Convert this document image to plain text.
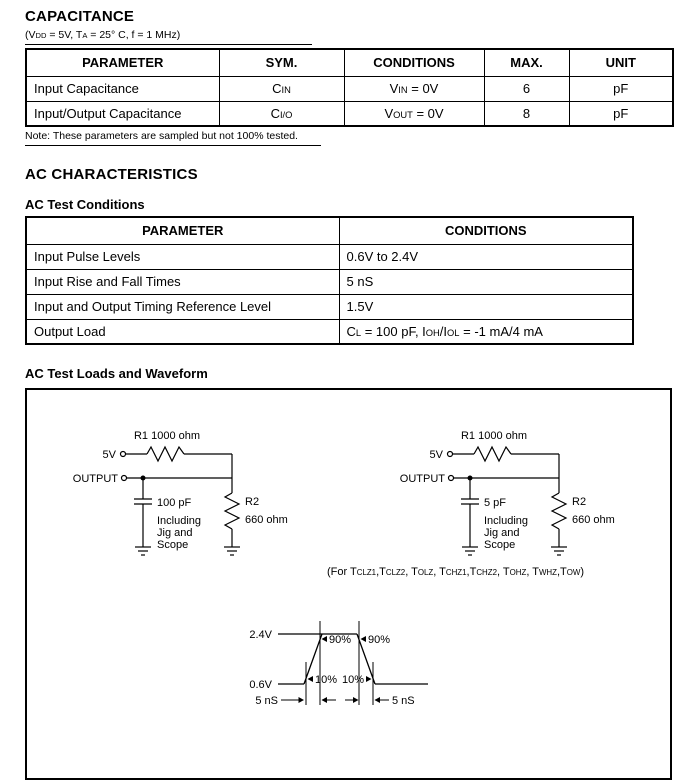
CAPACITANCE
(VDD = 5V, TA = 25° C, f = 1 MHz)
PARAMETER	SYM.	CONDITIONS	MAX.	UNIT
Input Capacitance	CIN	VIN = 0V	6	pF
Input/Output Capacitance	CI/O	VOUT = 0V	8	pF
Note: These parameters are sampled but not 100% tested.
AC CHARACTERISTICS
AC Test Conditions
PARAMETER	CONDITIONS
Input Pulse Levels	0.6V to 2.4V
Input Rise and Fall Times	5 nS
Input and Output Timing Reference Level	1.5V
Output Load	CL = 100 pF, IOH/IOL = -1 mA/4 mA
AC Test Loads and Waveform
5V
R1 1000 ohm
OUTPUT
100 pF
Including
Jig and
Scope
R2
660 ohm
5V
R1 1000 ohm
OUTPUT
5 pF
Including
Jig and
Scope
R2
660 ohm
(For TCLZ1,TCLZ2, TOLZ, TCHZ1,TCHZ2, TOHZ, TWHZ,TOW)
2.4V
0.6V
90% 90%
10% 10%
5 nS	5 nS
